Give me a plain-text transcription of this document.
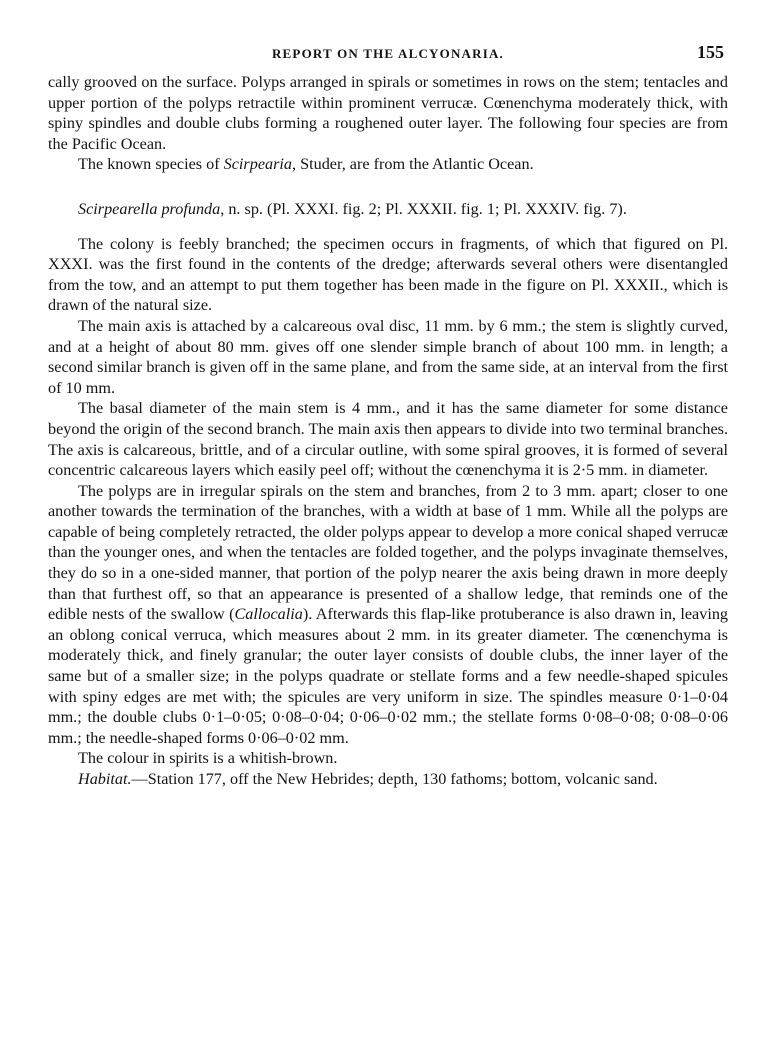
REPORT ON THE ALCYONARIA.	155

cally grooved on the surface. Polyps arranged in spirals or sometimes in rows on the stem; tentacles and upper portion of the polyps retractile within prominent verrucæ. Cœnenchyma moderately thick, with spiny spindles and double clubs forming a roughened outer layer. The following four species are from the Pacific Ocean.

The known species of Scirpearia, Studer, are from the Atlantic Ocean.

Scirpearella profunda, n. sp. (Pl. XXXI. fig. 2; Pl. XXXII. fig. 1; Pl. XXXIV. fig. 7).

The colony is feebly branched; the specimen occurs in fragments, of which that figured on Pl. XXXI. was the first found in the contents of the dredge; afterwards several others were disentangled from the tow, and an attempt to put them together has been made in the figure on Pl. XXXII., which is drawn of the natural size.

The main axis is attached by a calcareous oval disc, 11 mm. by 6 mm.; the stem is slightly curved, and at a height of about 80 mm. gives off one slender simple branch of about 100 mm. in length; a second similar branch is given off in the same plane, and from the same side, at an interval from the first of 10 mm.

The basal diameter of the main stem is 4 mm., and it has the same diameter for some distance beyond the origin of the second branch. The main axis then appears to divide into two terminal branches. The axis is calcareous, brittle, and of a circular outline, with some spiral grooves, it is formed of several concentric calcareous layers which easily peel off; without the cœnenchyma it is 2·5 mm. in diameter.

The polyps are in irregular spirals on the stem and branches, from 2 to 3 mm. apart; closer to one another towards the termination of the branches, with a width at base of 1 mm. While all the polyps are capable of being completely retracted, the older polyps appear to develop a more conical shaped verrucæ than the younger ones, and when the tentacles are folded together, and the polyps invaginate themselves, they do so in a one-sided manner, that portion of the polyp nearer the axis being drawn in more deeply than that furthest off, so that an appearance is presented of a shallow ledge, that reminds one of the edible nests of the swallow (Callocalia). Afterwards this flap-like protuberance is also drawn in, leaving an oblong conical verruca, which measures about 2 mm. in its greater diameter. The cœnenchyma is moderately thick, and finely granular; the outer layer consists of double clubs, the inner layer of the same but of a smaller size; in the polyps quadrate or stellate forms and a few needle-shaped spicules with spiny edges are met with; the spicules are very uniform in size. The spindles measure 0·1–0·04 mm.; the double clubs 0·1–0·05; 0·08–0·04; 0·06–0·02 mm.; the stellate forms 0·08–0·08; 0·08–0·06 mm.; the needle-shaped forms 0·06–0·02 mm.

The colour in spirits is a whitish-brown.

Habitat.—Station 177, off the New Hebrides; depth, 130 fathoms; bottom, volcanic sand.
